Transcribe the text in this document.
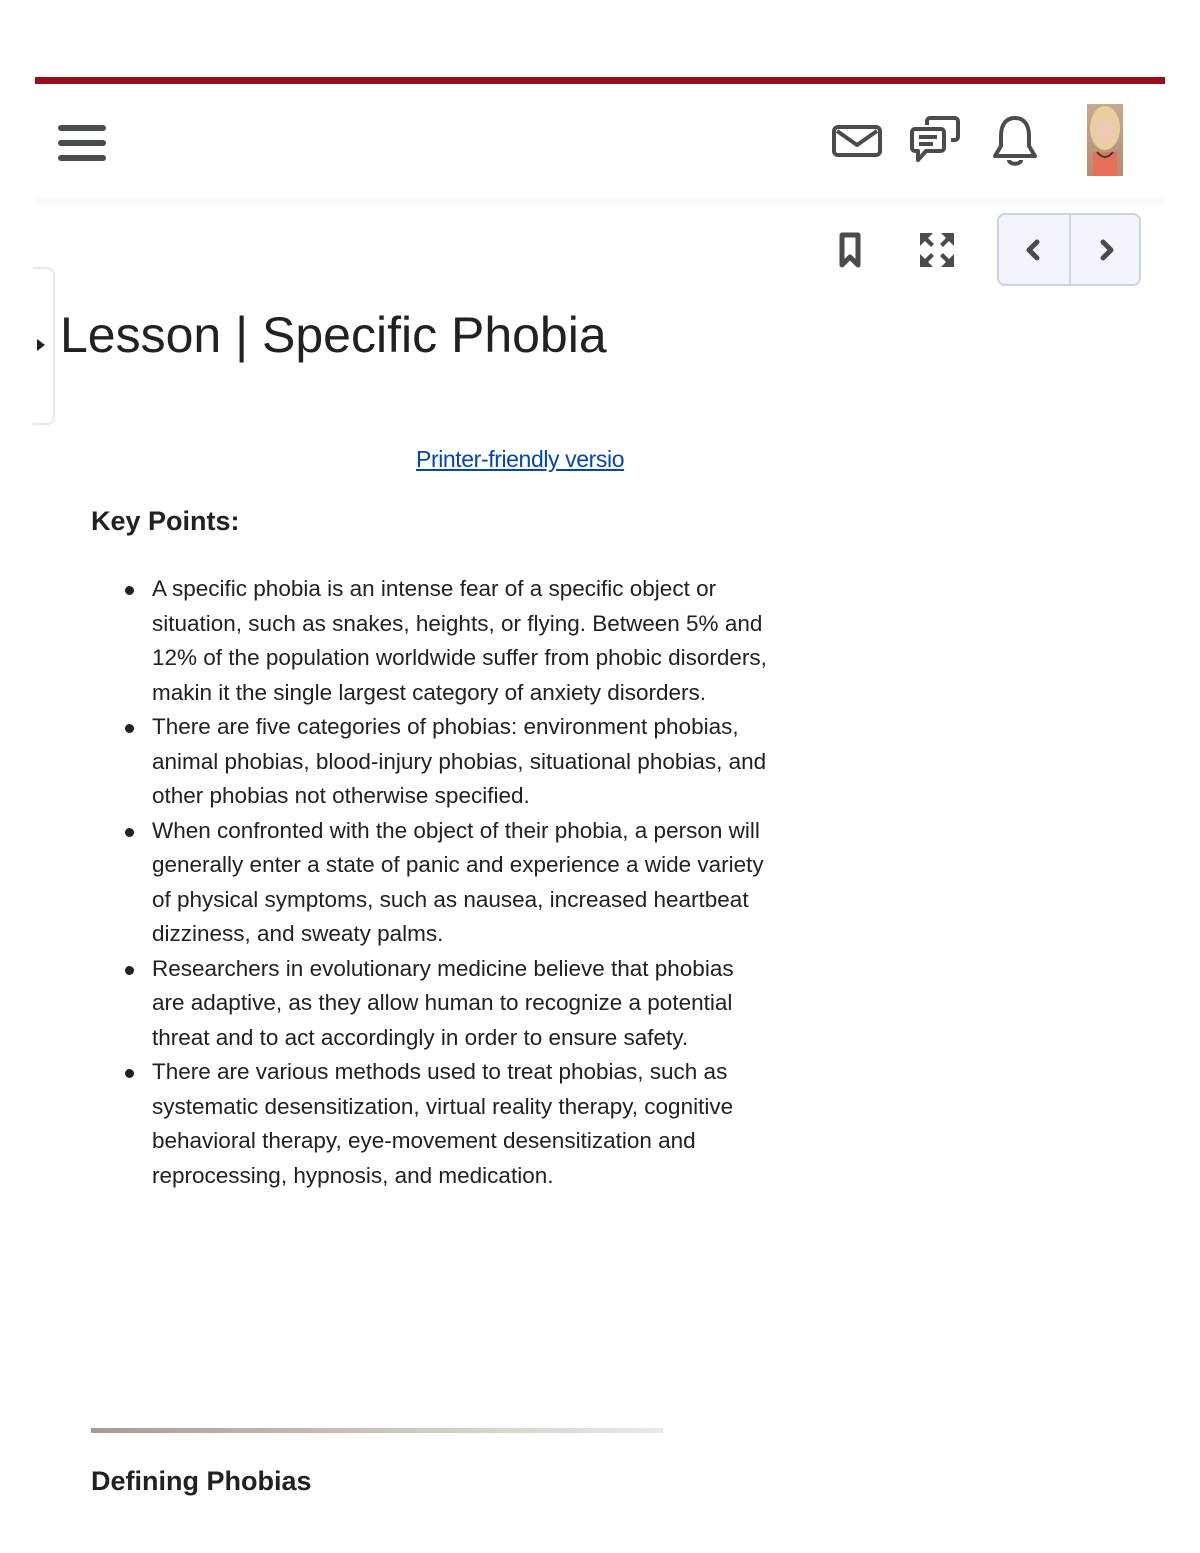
Lesson | Specific Phobia
Printer-friendly versio
Key Points:
A specific phobia is an intense fear of a specific object or situation, such as snakes, heights, or flying. Between 5% and 12% of the population worldwide suffer from phobic disorders, makin it the single largest category of anxiety disorders.
There are five categories of phobias: environment phobias, animal phobias, blood-injury phobias, situational phobias, and other phobias not otherwise specified.
When confronted with the object of their phobia, a person will generally enter a state of panic and experience a wide variety of physical symptoms, such as nausea, increased heartbeat dizziness, and sweaty palms.
Researchers in evolutionary medicine believe that phobias are adaptive, as they allow human to recognize a potential threat and to act accordingly in order to ensure safety.
There are various methods used to treat phobias, such as systematic desensitization, virtual reality therapy, cognitive behavioral therapy, eye-movement desensitization and reprocessing, hypnosis, and medication.
Defining Phobias
